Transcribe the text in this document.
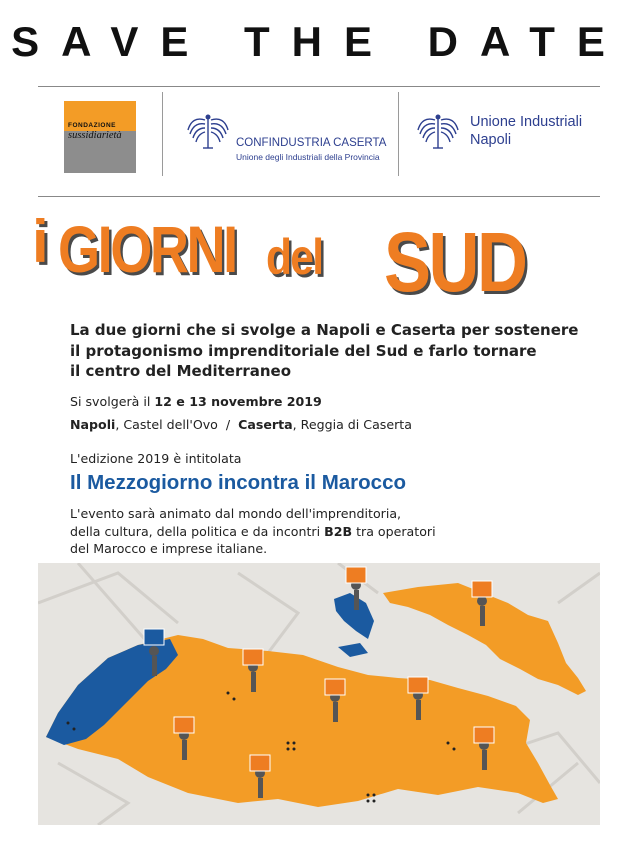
SAVE THE DATE
FONDAZIONE
sussidiarietà
CONFINDUSTRIA CASERTA
Unione degli Industriali della Provincia
Unione Industriali
Napoli
i GIORNI del SUD
La due giorni che si svolge a Napoli e Caserta per sostenere
il protagonismo imprenditoriale del Sud e farlo tornare
il centro del Mediterraneo
Si svolgerà il 12 e 13 novembre 2019
Napoli, Castel dell'Ovo  /  Caserta, Reggia di Caserta
L'edizione 2019 è intitolata
Il Mezzogiorno incontra il Marocco
L'evento sarà animato dal mondo dell'imprenditoria,
della cultura, della politica e da incontri B2B tra operatori
del Marocco e imprese italiane.
